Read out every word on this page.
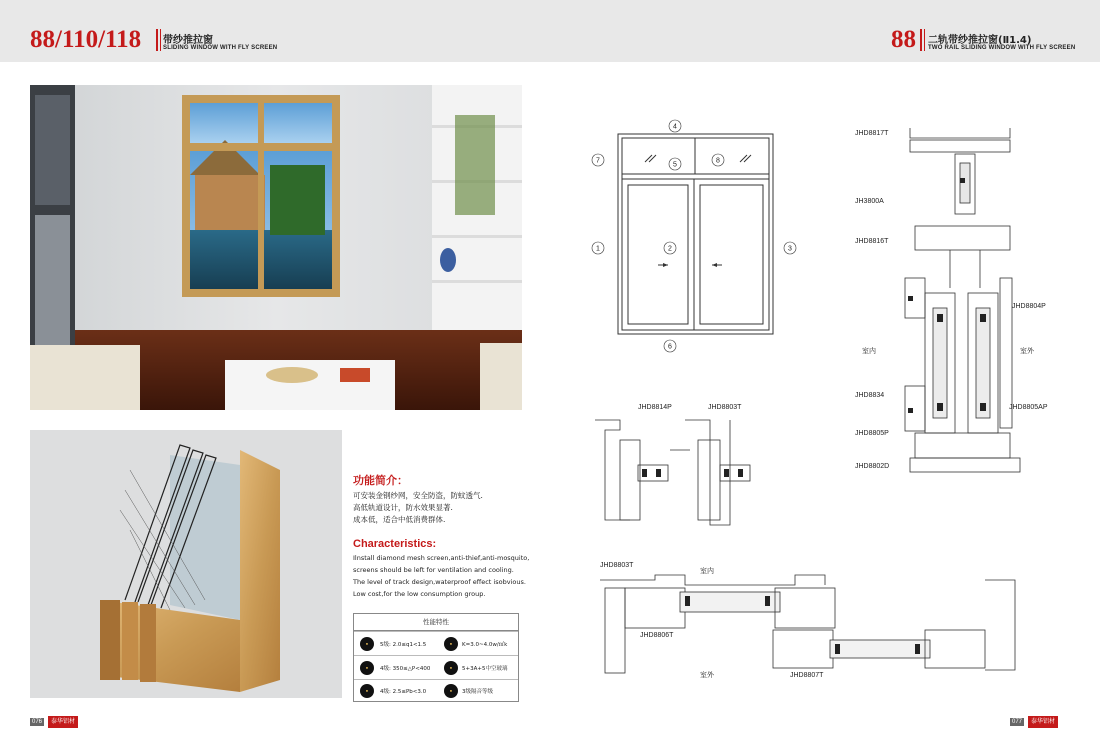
88/110/118 带纱推拉窗
SLIDING WINDOW WITH FLY SCREEN	88 二轨带纱推拉窗(Ⅱ1.4)
TWO RAIL SLIDING WINDOW WITH FLY SCREEN
功能简介：
可安装金钢纱网，安全防盗，防蚊透气.
高低轨道设计，防水效果显著.
成本低，适合中低消费群体.
Characteristics:
Ilnstall diamond mesh screen,anti-thief,anti-mosquito,
screens should be left for ventilation and cooling.
The level of track design,waterproof effect isobvious.
Low cost,for the low consumption group.
性能特性
●	5级: 2.0≤q1<1.5	●	K=3.0~4.0w/㎡k
●	4级: 350≤△P<400	●	5+3A+5中空玻璃
●	4级: 2.5≤Pb<3.0	●	3级隔音等级
4
7
5
8
1	2	3
6
JHD8817T
JH3800A
JHD8816T
JHD8804P
JHD8834
JHD8805P
JHD8805AP
JHD8802D
室内	室外
JHD8814P	JHD8803T
JHD8803T
JHD8806T
JHD8807T
室内
室外
076	泰华铝材	077	泰华铝材
